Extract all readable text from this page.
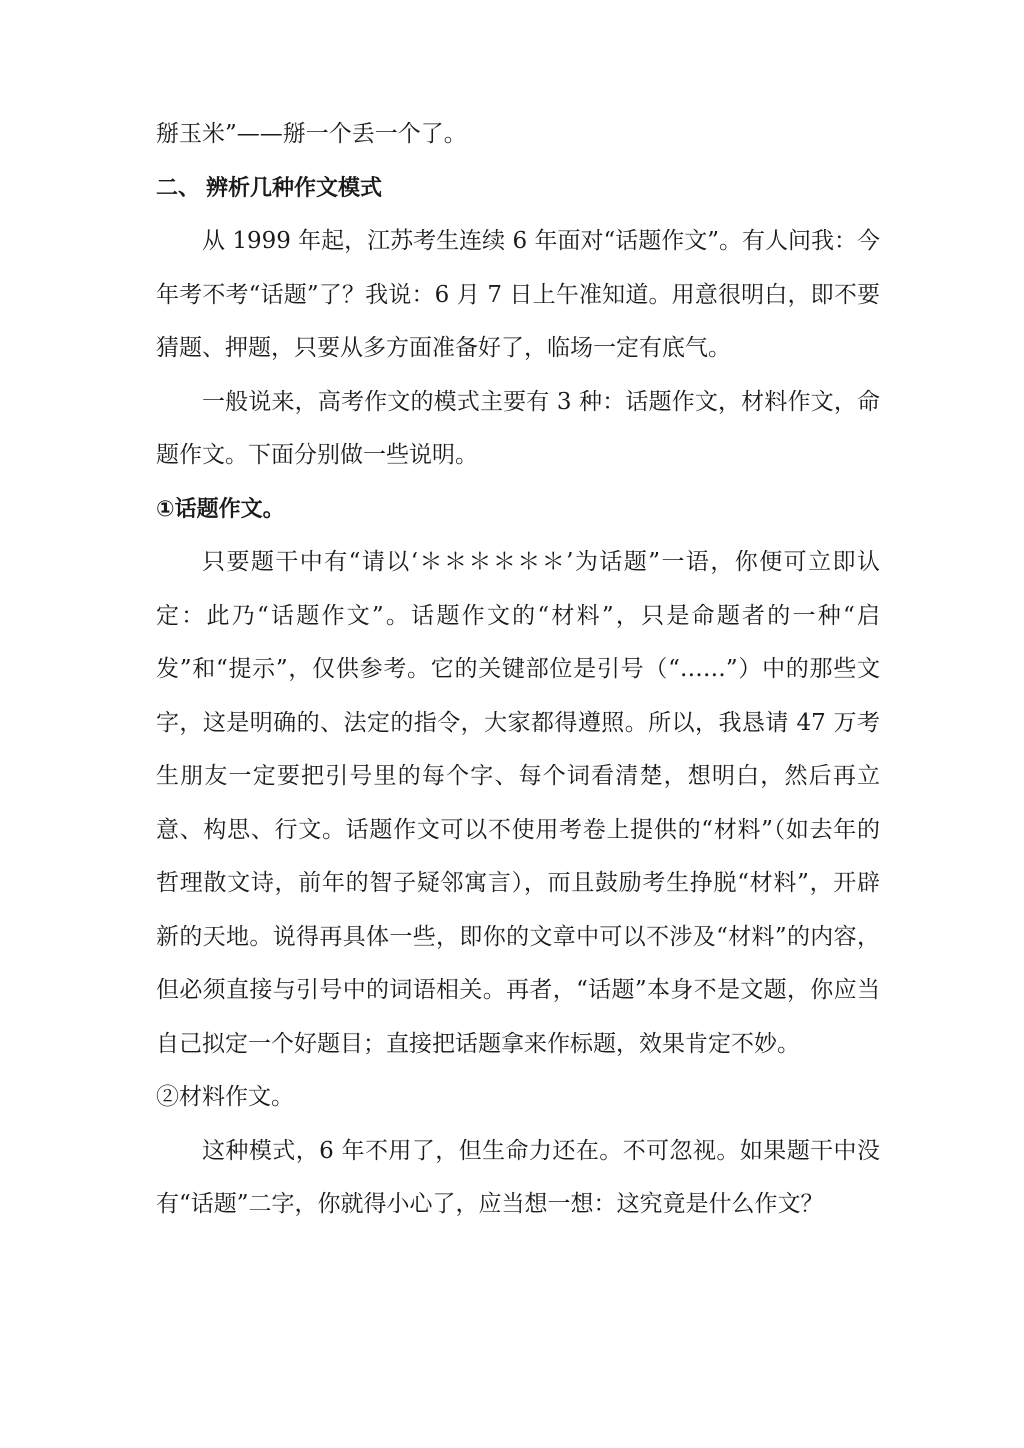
掰玉米”——掰一个丢一个了。

二、 辨析几种作文模式

从 1999 年起，江苏考生连续 6 年面对“话题作文”。有人问我：今年考不考“话题”了？我说：6 月 7 日上午准知道。用意很明白，即不要猜题、押题，只要从多方面准备好了，临场一定有底气。

一般说来，高考作文的模式主要有 3 种：话题作文，材料作文，命题作文。下面分别做一些说明。

①话题作文。

只要题干中有“请以‘＊＊＊＊＊＊’为话题”一语，你便可立即认定：此乃“话题作文”。话题作文的“材料”，只是命题者的一种“启发”和“提示”，仅供参考。它的关键部位是引号（“……”）中的那些文字，这是明确的、法定的指令，大家都得遵照。所以，我恳请 47 万考生朋友一定要把引号里的每个字、每个词看清楚，想明白，然后再立意、构思、行文。话题作文可以不使用考卷上提供的“材料”（如去年的哲理散文诗，前年的智子疑邻寓言），而且鼓励考生挣脱“材料”，开辟新的天地。说得再具体一些，即你的文章中可以不涉及“材料”的内容，但必须直接与引号中的词语相关。再者，“话题”本身不是文题，你应当自己拟定一个好题目；直接把话题拿来作标题，效果肯定不妙。

②材料作文。

这种模式，6 年不用了，但生命力还在。不可忽视。如果题干中没有“话题”二字，你就得小心了，应当想一想：这究竟是什么作文？
